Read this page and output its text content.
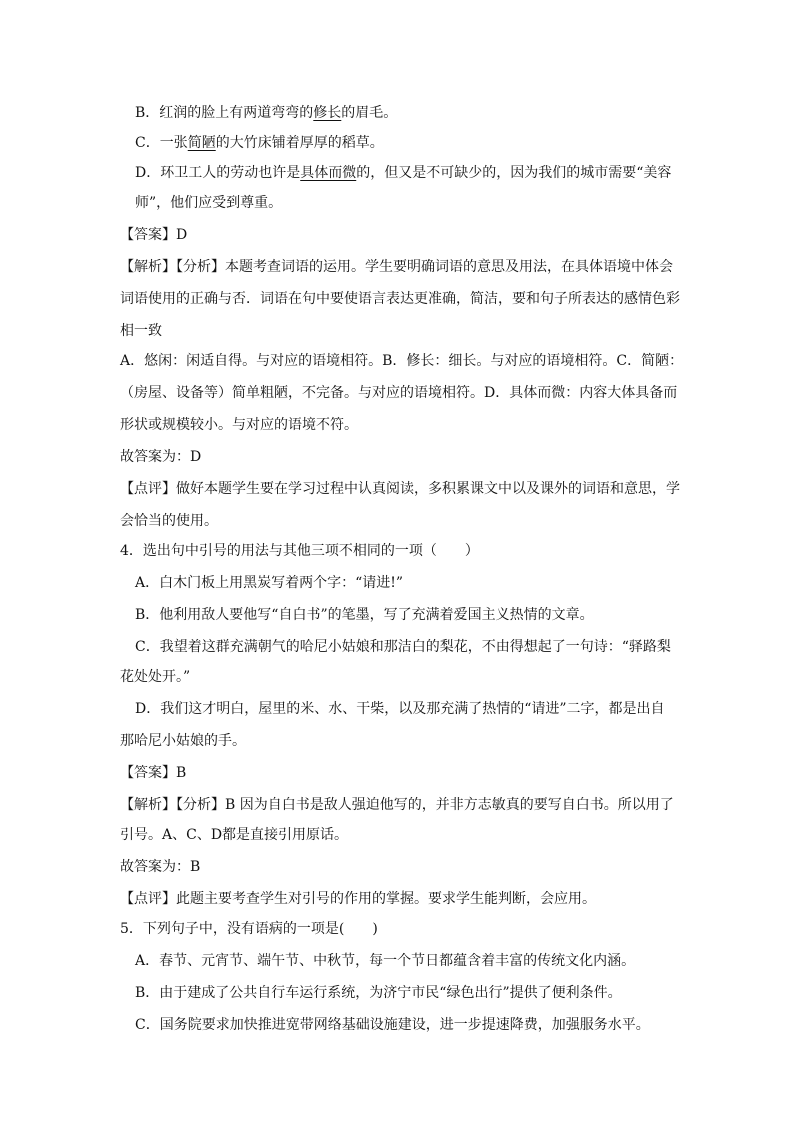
B．红润的脸上有两道弯弯的修长的眉毛。
C．一张简陋的大竹床铺着厚厚的稻草。
D．环卫工人的劳动也许是具体而微的，但又是不可缺少的，因为我们的城市需要“美容
师”，他们应受到尊重。
【答案】D
【解析】【分析】本题考查词语的运用。学生要明确词语的意思及用法，在具体语境中体会
词语使用的正确与否．词语在句中要使语言表达更准确，简洁，要和句子所表达的感情色彩
相一致
A．悠闲：闲适自得。与对应的语境相符。B．修长：细长。与对应的语境相符。C．简陋：
（房屋、设备等）简单粗陋，不完备。与对应的语境相符。D．具体而微：内容大体具备而
形状或规模较小。与对应的语境不符。
故答案为：D
【点评】做好本题学生要在学习过程中认真阅读，多积累课文中以及课外的词语和意思，学
会恰当的使用。
4．选出句中引号的用法与其他三项不相同的一项（　　）
A．白木门板上用黑炭写着两个字：“请进!”
B．他利用敌人要他写“自白书”的笔墨，写了充满着爱国主义热情的文章。
C．我望着这群充满朝气的哈尼小姑娘和那洁白的梨花，不由得想起了一句诗：“驿路梨
花处处开。”
D．我们这才明白，屋里的米、水、干柴，以及那充满了热情的“请进”二字，都是出自
那哈尼小姑娘的手。
【答案】B
【解析】【分析】B 因为自白书是敌人强迫他写的，并非方志敏真的要写自白书。所以用了
引号。A、C、D都是直接引用原话。
故答案为：B
【点评】此题主要考查学生对引号的作用的掌握。要求学生能判断，会应用。
5．下列句子中，没有语病的一项是(　　)
A．春节、元宵节、端午节、中秋节，每一个节日都蕴含着丰富的传统文化内涵。
B．由于建成了公共自行车运行系统，为济宁市民“绿色出行”提供了便利条件。
C．国务院要求加快推进宽带网络基础设施建设，进一步提速降费，加强服务水平。
